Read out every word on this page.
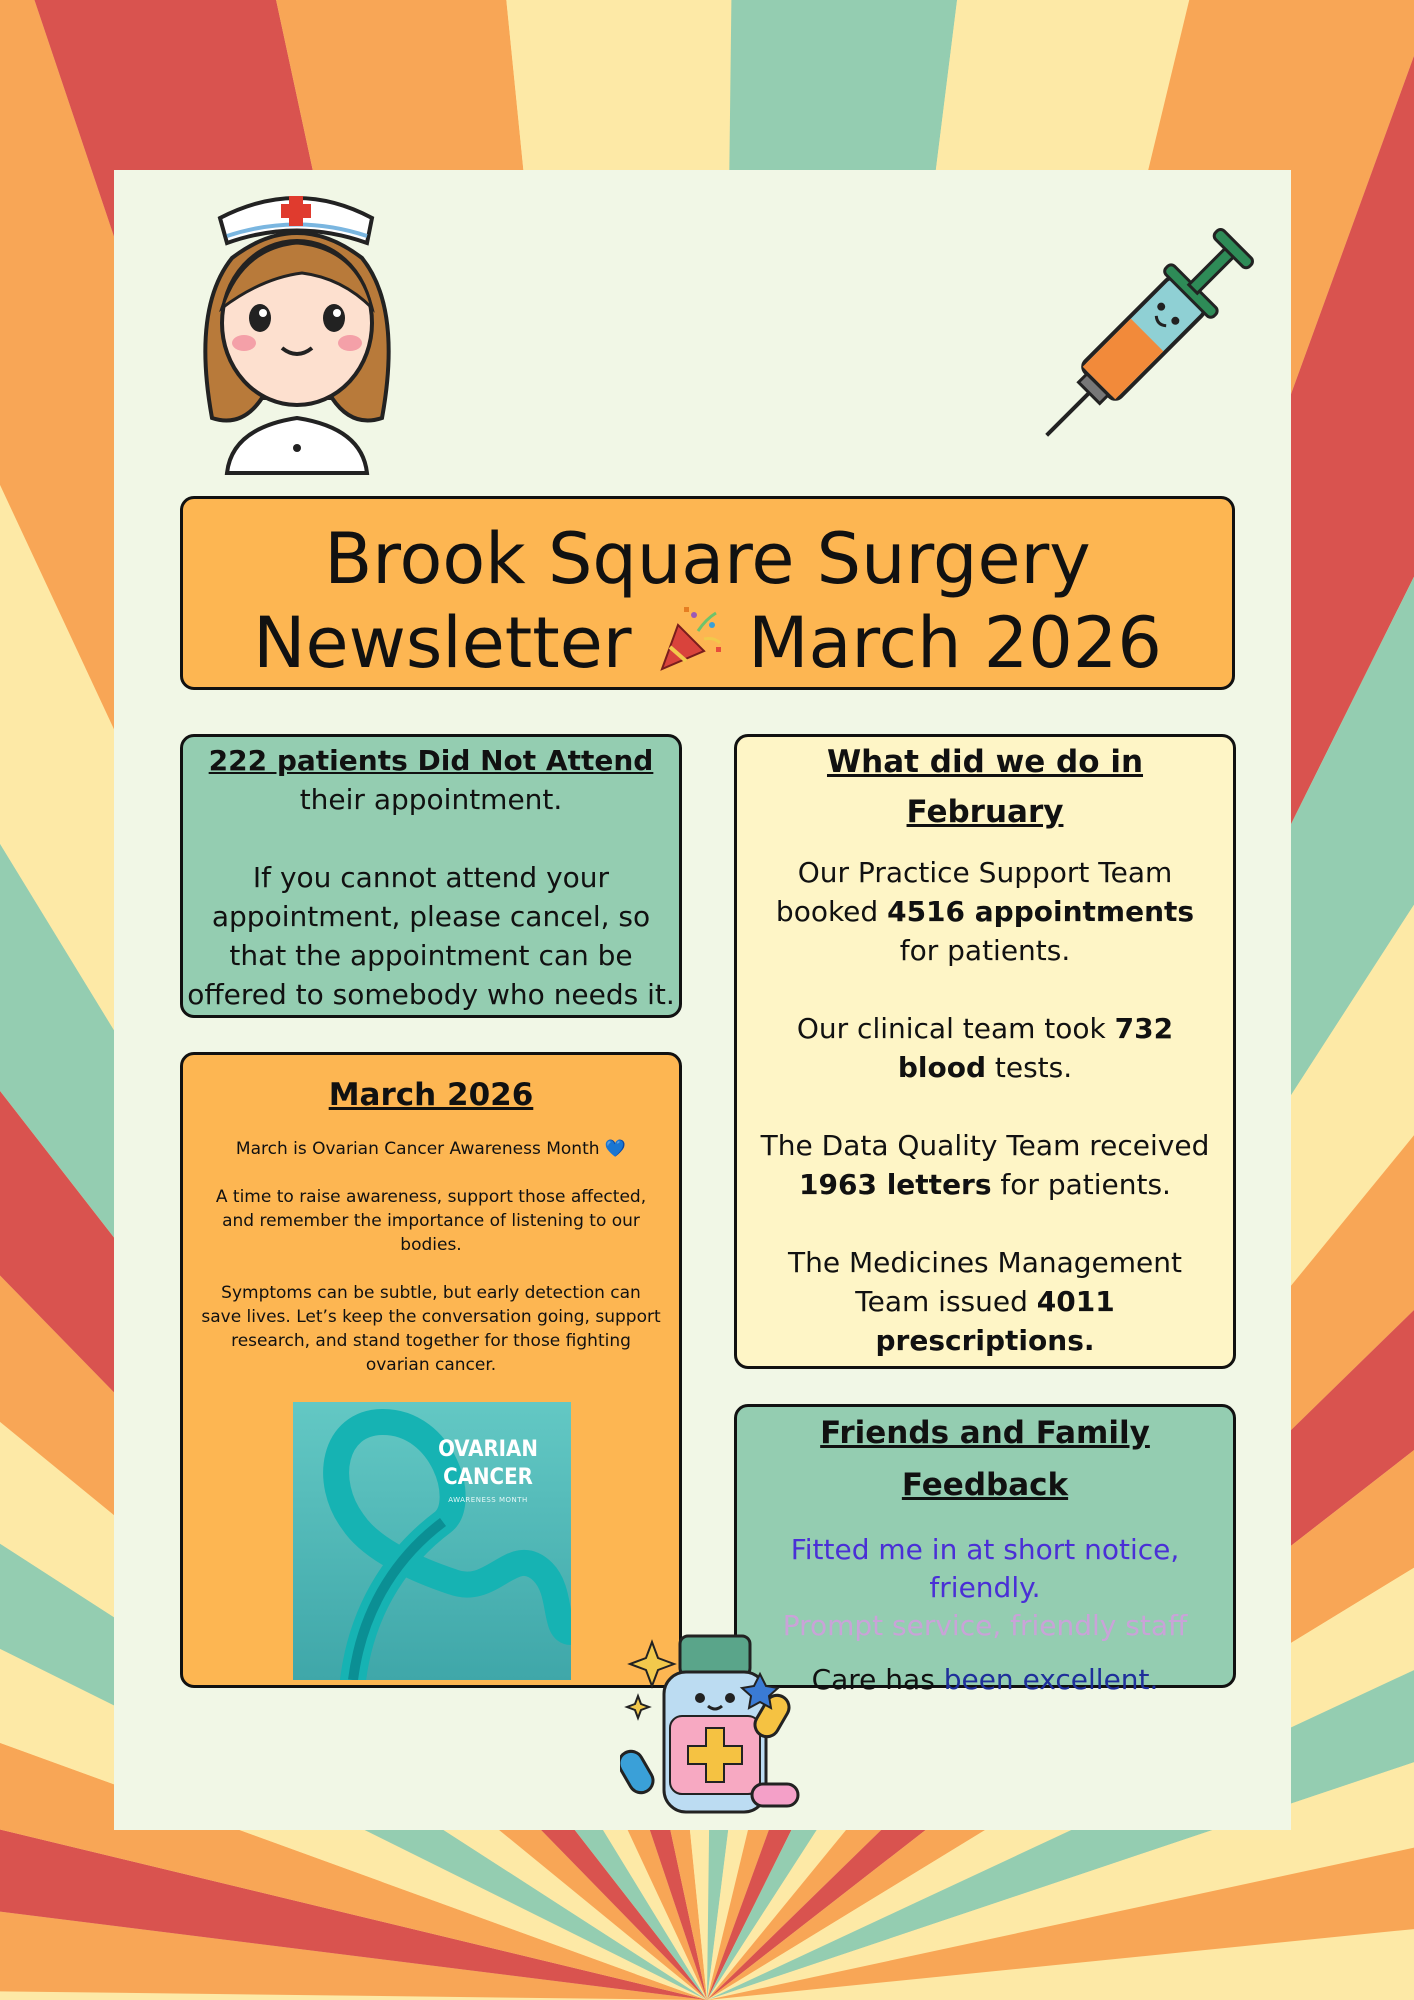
Brook Square Surgery
Newsletter March 2026

222 patients Did Not Attend their appointment.

If you cannot attend your appointment, please cancel, so that the appointment can be offered to somebody who needs it.

What did we do in February

Our Practice Support Team booked 4516 appointments for patients.

Our clinical team took 732 blood tests.

The Data Quality Team received 1963 letters for patients.

The Medicines Management Team issued 4011 prescriptions.

March 2026

March is Ovarian Cancer Awareness Month 💙

A time to raise awareness, support those affected, and remember the importance of listening to our bodies.

Symptoms can be subtle, but early detection can save lives. Let’s keep the conversation going, support research, and stand together for those fighting ovarian cancer.

OVARIAN CANCER
AWARENESS MONTH

Friends and Family Feedback

Fitted me in at short notice, friendly.

Prompt service, friendly staff

Care has been excellent.
